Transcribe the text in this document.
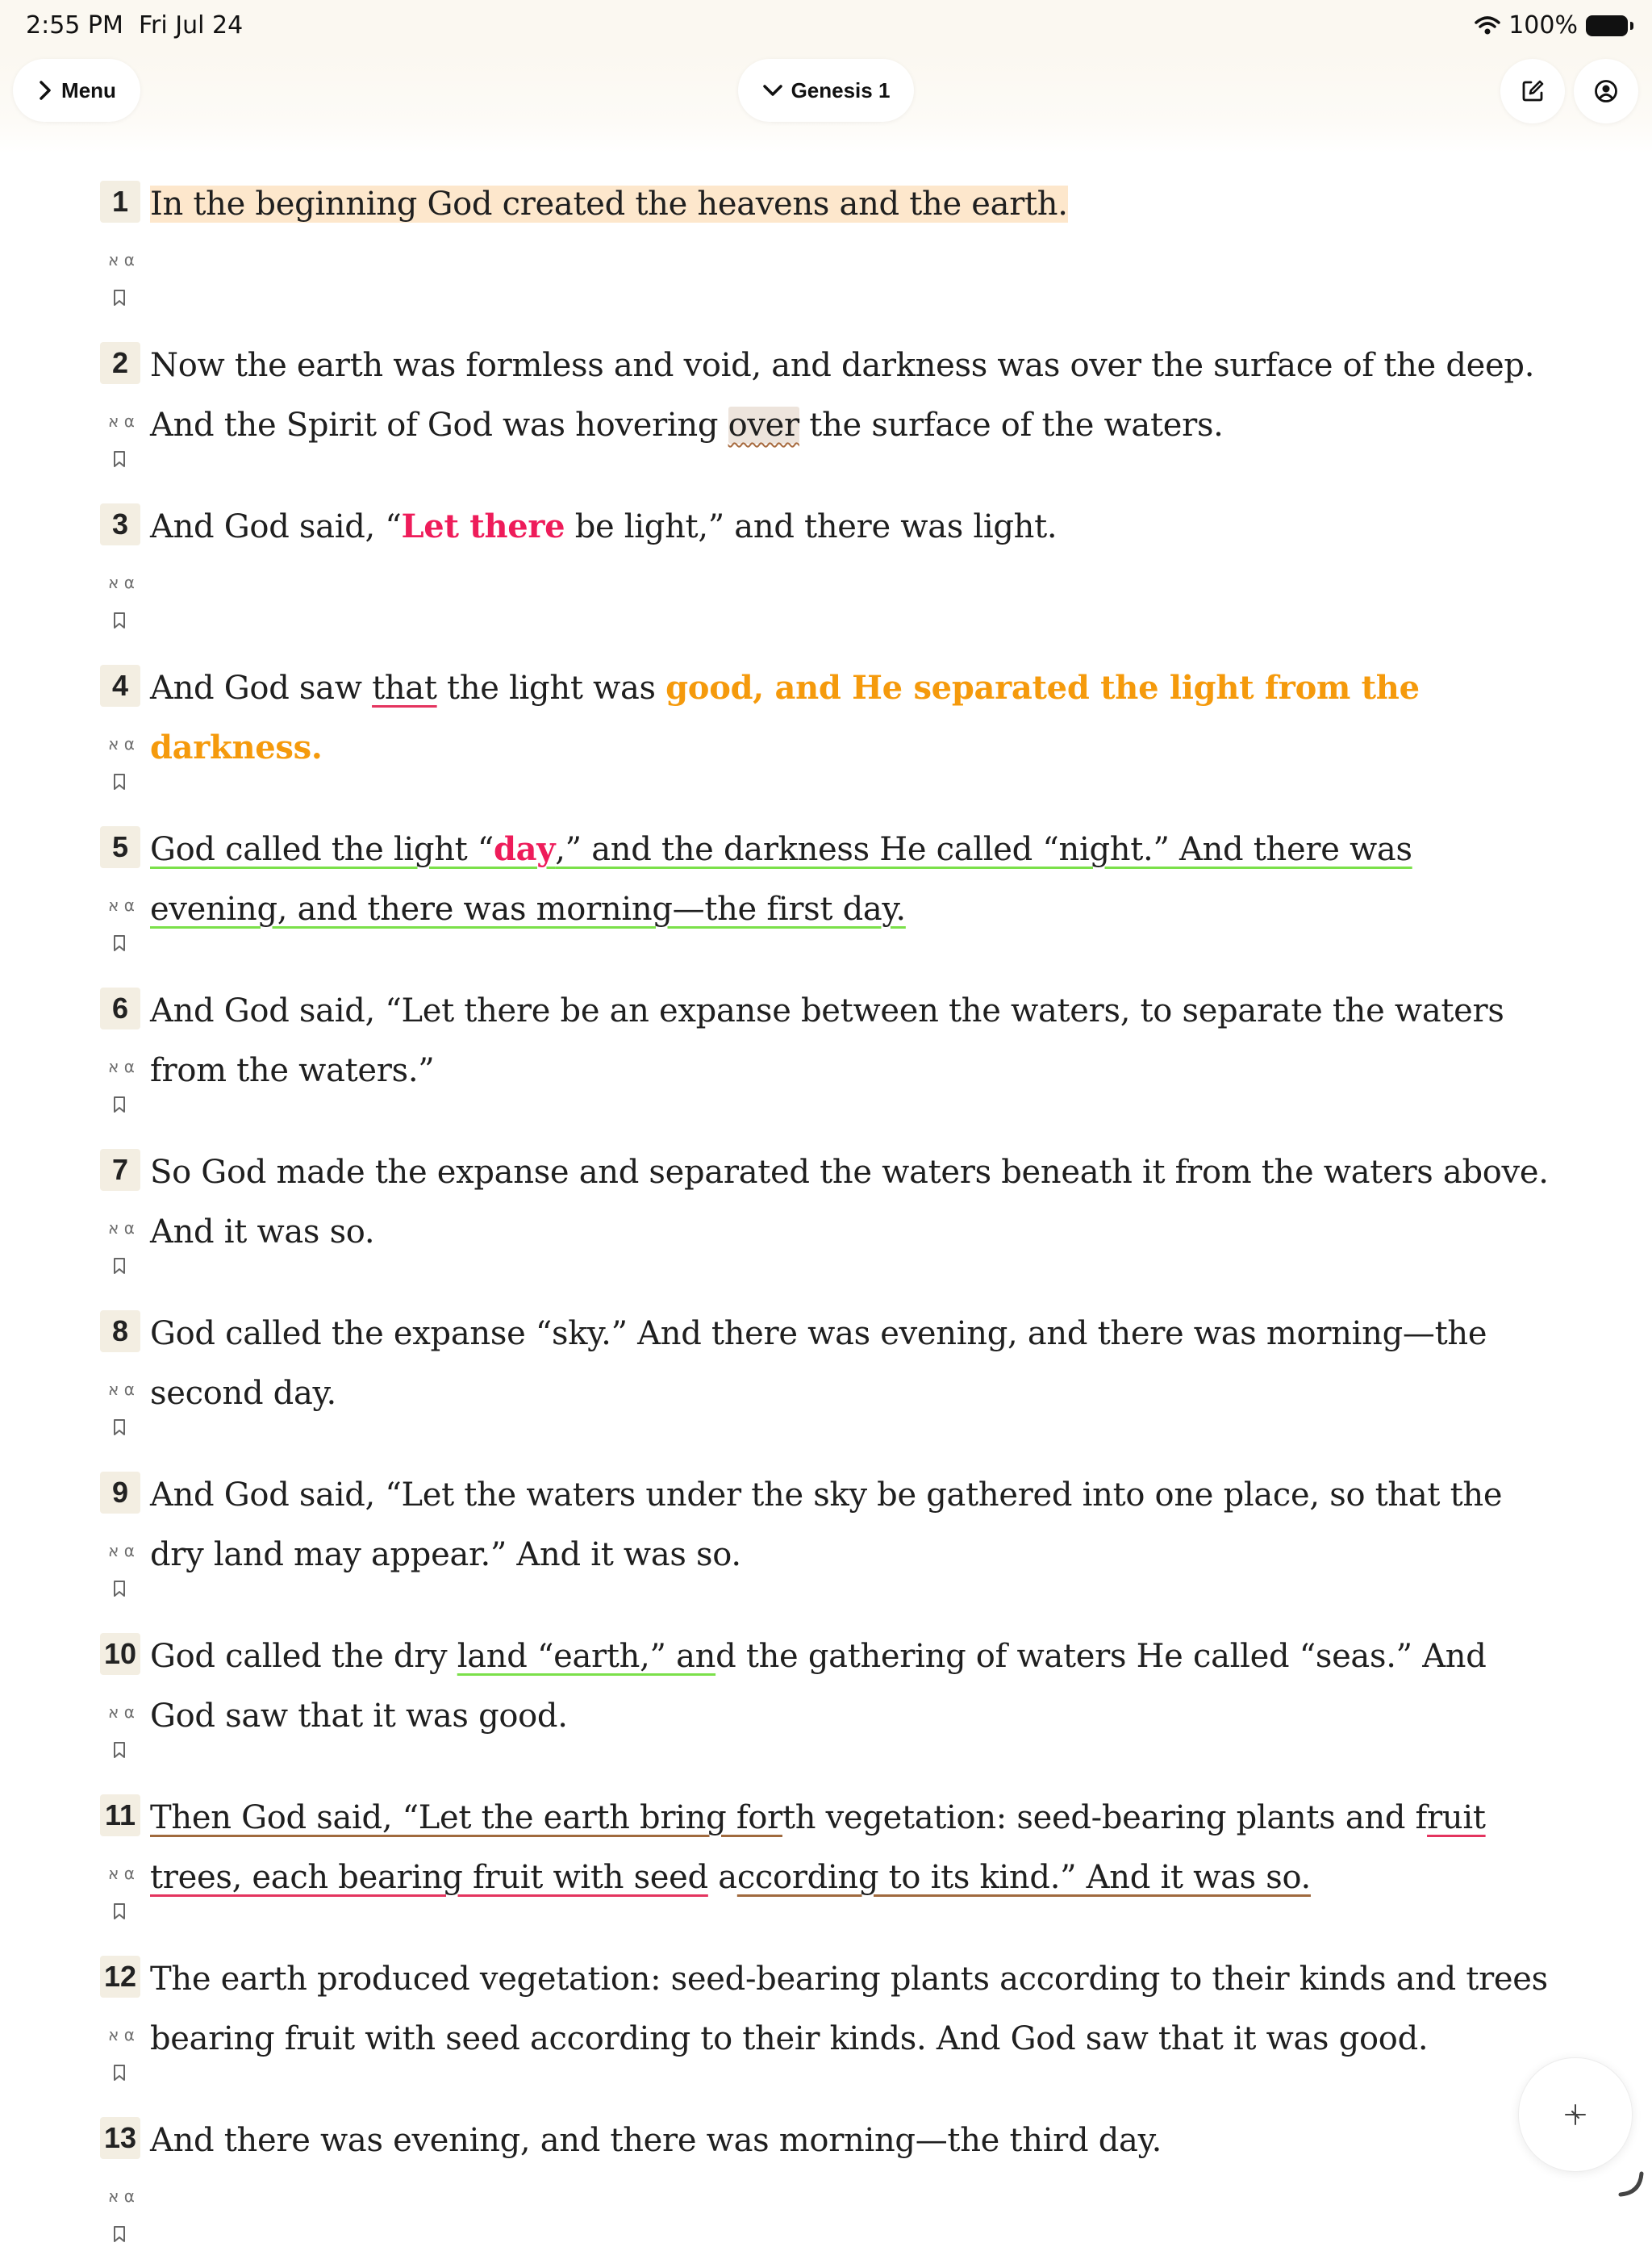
2:55 PM Fri Jul 24	100%
Menu	Genesis 1
1 In the beginning God created the heavens and the earth.
א α
2 Now the earth was formless and void, and darkness was over the surface of the deep. And the Spirit of God was hovering over the surface of the waters.
א α
3 And God said, “Let there be light,” and there was light.
א α
4 And God saw that the light was good, and He separated the light from the darkness.
א α
5 God called the light “day,” and the darkness He called “night.” And there was evening, and there was morning—the first day.
א α
6 And God said, “Let there be an expanse between the waters, to separate the waters from the waters.”
א α
7 So God made the expanse and separated the waters beneath it from the waters above. And it was so.
א α
8 God called the expanse “sky.” And there was evening, and there was morning—the second day.
א α
9 And God said, “Let the waters under the sky be gathered into one place, so that the dry land may appear.” And it was so.
א α
10 God called the dry land “earth,” and the gathering of waters He called “seas.” And God saw that it was good.
א α
11 Then God said, “Let the earth bring forth vegetation: seed-bearing plants and fruit trees, each bearing fruit with seed according to its kind.” And it was so.
א α
12 The earth produced vegetation: seed-bearing plants according to their kinds and trees bearing fruit with seed according to their kinds. And God saw that it was good.
א α
13 And there was evening, and there was morning—the third day.
א α
